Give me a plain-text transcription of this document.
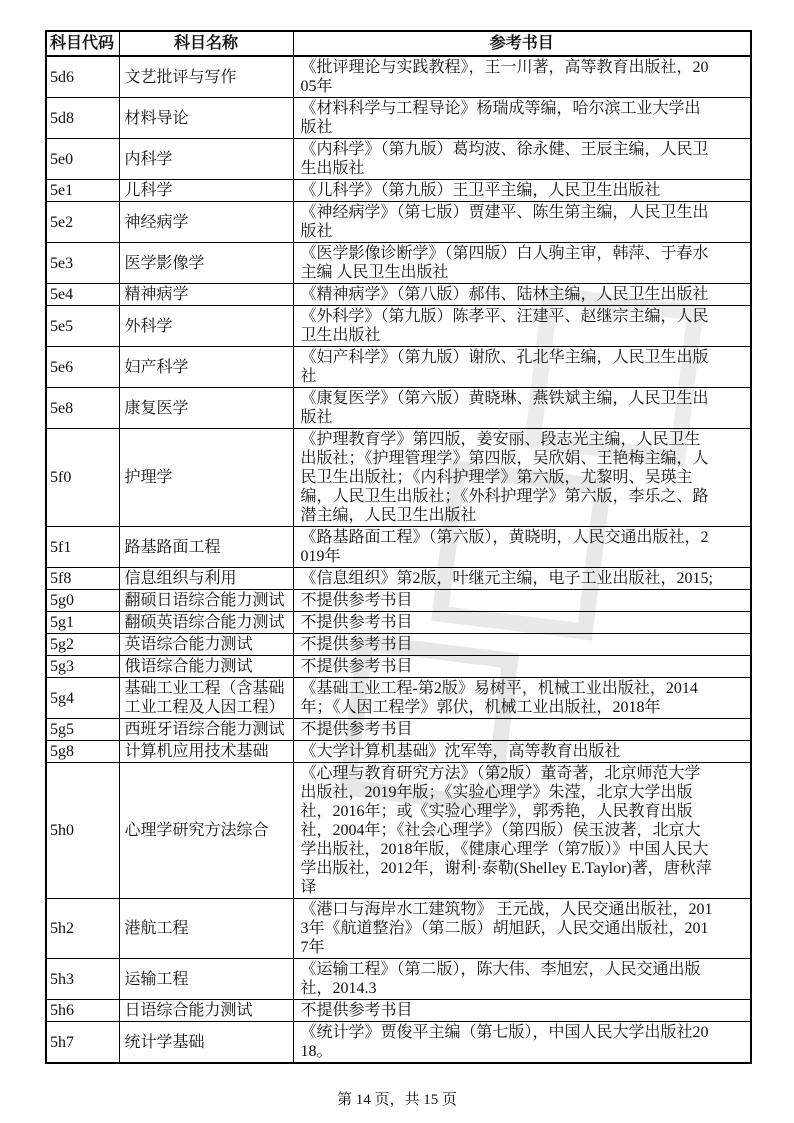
科目代码	科目名称	参考书目
5d6	文艺批评与写作	《批评理论与实践教程》，王一川著，高等教育出版社，2005年
5d8	材料导论	《材料科学与工程导论》杨瑞成等编，哈尔滨工业大学出版社
5e0	内科学	《内科学》（第九版）葛均波、徐永健、王辰主编，人民卫生出版社
5e1	儿科学	《儿科学》（第九版）王卫平主编，人民卫生出版社
5e2	神经病学	《神经病学》（第七版）贾建平、陈生第主编，人民卫生出版社
5e3	医学影像学	《医学影像诊断学》（第四版）白人驹主审，韩萍、于春水主编 人民卫生出版社
5e4	精神病学	《精神病学》（第八版）郝伟、陆林主编，人民卫生出版社
5e5	外科学	《外科学》（第九版）陈孝平、汪建平、赵继宗主编，人民卫生出版社
5e6	妇产科学	《妇产科学》（第九版）谢欣、孔北华主编，人民卫生出版社
5e8	康复医学	《康复医学》（第六版）黄晓琳、燕铁斌主编，人民卫生出版社
5f0	护理学	《护理教育学》第四版，姜安丽、段志光主编，人民卫生出版社；《护理管理学》第四版，吴欣娟、王艳梅主编，人民卫生出版社；《内科护理学》第六版，尤黎明、吴瑛主编，人民卫生出版社；《外科护理学》第六版，李乐之、路潜主编，人民卫生出版社
5f1	路基路面工程	《路基路面工程》（第六版），黄晓明，人民交通出版社，2019年
5f8	信息组织与利用	《信息组织》第2版，叶继元主编，电子工业出版社，2015;
5g0	翻硕日语综合能力测试	不提供参考书目
5g1	翻硕英语综合能力测试	不提供参考书目
5g2	英语综合能力测试	不提供参考书目
5g3	俄语综合能力测试	不提供参考书目
5g4	基础工业工程（含基础工业工程及人因工程）	《基础工业工程-第2版》易树平，机械工业出版社，2014年；《人因工程学》郭伏，机械工业出版社，2018年
5g5	西班牙语综合能力测试	不提供参考书目
5g8	计算机应用技术基础	《大学计算机基础》沈军等，高等教育出版社
5h0	心理学研究方法综合	《心理与教育研究方法》（第2版）董奇著，北京师范大学出版社，2019年版；《实验心理学》朱滢，北京大学出版社，2016年；或《实验心理学》，郭秀艳，人民教育出版社，2004年；《社会心理学》（第四版）侯玉波著，北京大学出版社，2018年版，《健康心理学（第7版）》中国人民大学出版社，2012年，谢利·泰勒(Shelley E.Taylor)著，唐秋萍译
5h2	港航工程	《港口与海岸水工建筑物》 王元战，人民交通出版社，2013年《航道整治》（第二版）胡旭跃，人民交通出版社，2017年
5h3	运输工程	《运输工程》（第二版），陈大伟、李旭宏，人民交通出版社，2014.3
5h6	日语综合能力测试	不提供参考书目
5h7	统计学基础	《统计学》贾俊平主编（第七版），中国人民大学出版社2018。
第 14 页，共 15 页
